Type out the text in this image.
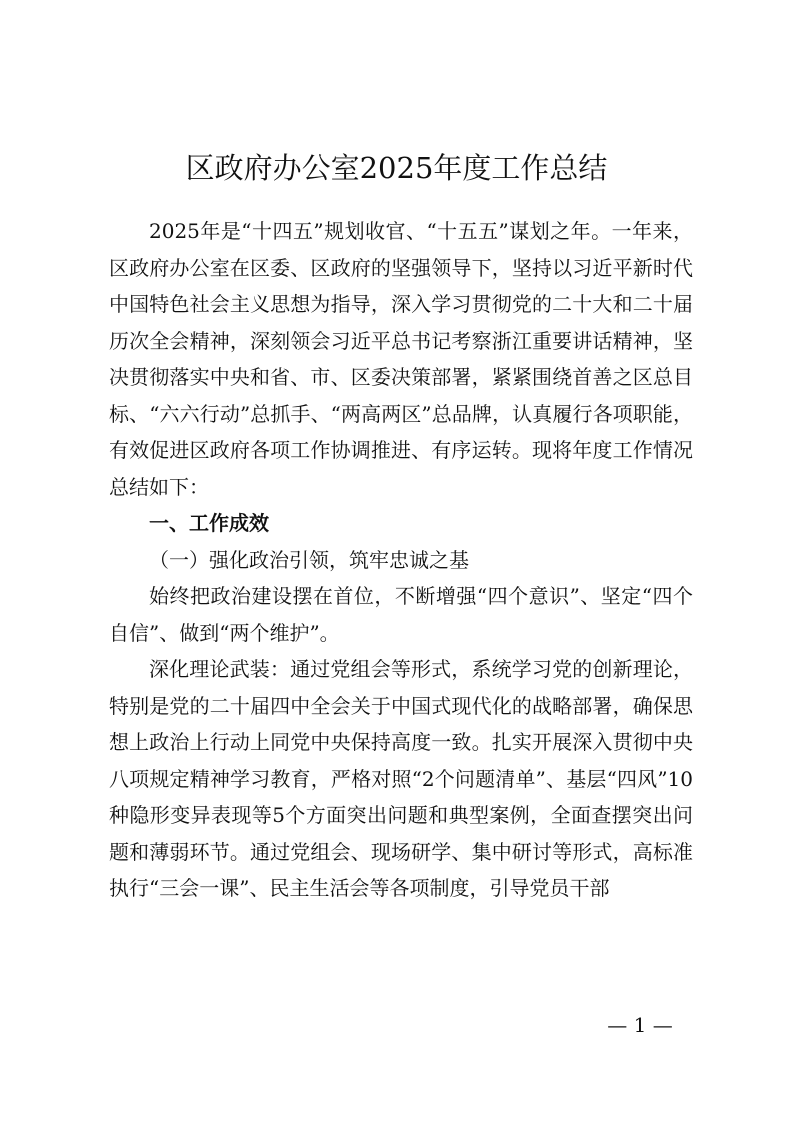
区政府办公室2025年度工作总结

2025年是“十四五”规划收官、“十五五”谋划之年。一年来，区政府办公室在区委、区政府的坚强领导下，坚持以习近平新时代中国特色社会主义思想为指导，深入学习贯彻党的二十大和二十届历次全会精神，深刻领会习近平总书记考察浙江重要讲话精神，坚决贯彻落实中央和省、市、区委决策部署，紧紧围绕首善之区总目标、“六六行动”总抓手、“两高两区”总品牌，认真履行各项职能，有效促进区政府各项工作协调推进、有序运转。现将年度工作情况总结如下：

一、工作成效

（一）强化政治引领，筑牢忠诚之基

始终把政治建设摆在首位，不断增强“四个意识”、坚定“四个自信”、做到“两个维护”。

深化理论武装：通过党组会等形式，系统学习党的创新理论，特别是党的二十届四中全会关于中国式现代化的战略部署，确保思想上政治上行动上同党中央保持高度一致。扎实开展深入贯彻中央八项规定精神学习教育，严格对照“2个问题清单”、基层“四风”10种隐形变异表现等5个方面突出问题和典型案例，全面查摆突出问题和薄弱环节。通过党组会、现场研学、集中研讨等形式，高标准执行“三会一课”、民主生活会等各项制度，引导党员干部

— 1 —
